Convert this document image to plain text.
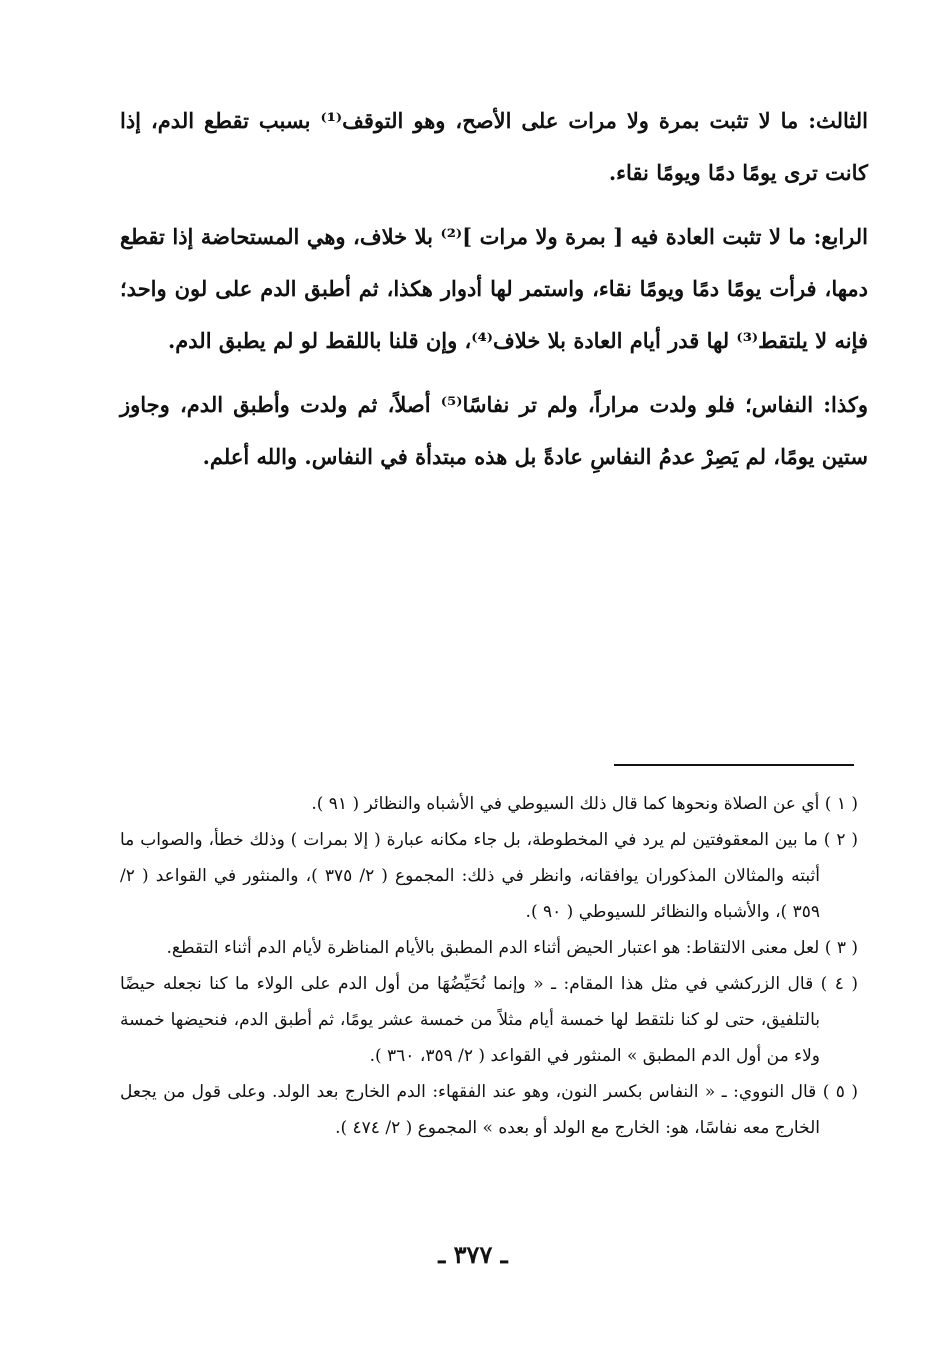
الثالث: ما لا تثبت بمرة ولا مرات على الأصح، وهو التوقف⁽¹⁾ بسبب تقطع الدم، إذا كانت ترى يومًا دمًا ويومًا نقاء.

الرابع: ما لا تثبت العادة فيه [ بمرة ولا مرات ]⁽²⁾ بلا خلاف، وهي المستحاضة إذا تقطع دمها، فرأت يومًا دمًا ويومًا نقاء، واستمر لها أدوار هكذا، ثم أطبق الدم على لون واحد؛ فإنه لا يلتقط⁽³⁾ لها قدر أيام العادة بلا خلاف⁽⁴⁾، وإن قلنا باللقط لو لم يطبق الدم.

وكذا: النفاس؛ فلو ولدت مراراً، ولم تر نفاسًا⁽⁵⁾ أصلاً، ثم ولدت وأطبق الدم، وجاوز ستين يومًا، لم يَصِرْ عدمُ النفاسِ عادةً بل هذه مبتدأة في النفاس. والله أعلم.

( ١ ) أي عن الصلاة ونحوها كما قال ذلك السيوطي في الأشباه والنظائر ( ٩١ ).

( ٢ ) ما بين المعقوفتين لم يرد في المخطوطة، بل جاء مكانه عبارة ( إلا بمرات ) وذلك خطأ، والصواب ما أثبته والمثالان المذكوران يوافقانه، وانظر في ذلك: المجموع ( ٢/ ٣٧٥ )، والمنثور في القواعد ( ٢/ ٣٥٩ )، والأشباه والنظائر للسيوطي ( ٩٠ ).

( ٣ ) لعل معنى الالتقاط: هو اعتبار الحيض أثناء الدم المطبق بالأيام المناظرة لأيام الدم أثناء التقطع.

( ٤ ) قال الزركشي في مثل هذا المقام: ـ « وإنما نُحَيِّضُهَا من أول الدم على الولاء ما كنا نجعله حيضًا بالتلفيق، حتى لو كنا نلتقط لها خمسة أيام مثلاً من خمسة عشر يومًا، ثم أطبق الدم، فنحيضها خمسة ولاء من أول الدم المطبق » المنثور في القواعد ( ٢/ ٣٥٩، ٣٦٠ ).

( ٥ ) قال النووي: ـ « النفاس بكسر النون، وهو عند الفقهاء: الدم الخارج بعد الولد. وعلى قول من يجعل الخارج معه نفاسًا، هو: الخارج مع الولد أو بعده » المجموع ( ٢/ ٤٧٤ ).

ـ ٣٧٧ ـ
